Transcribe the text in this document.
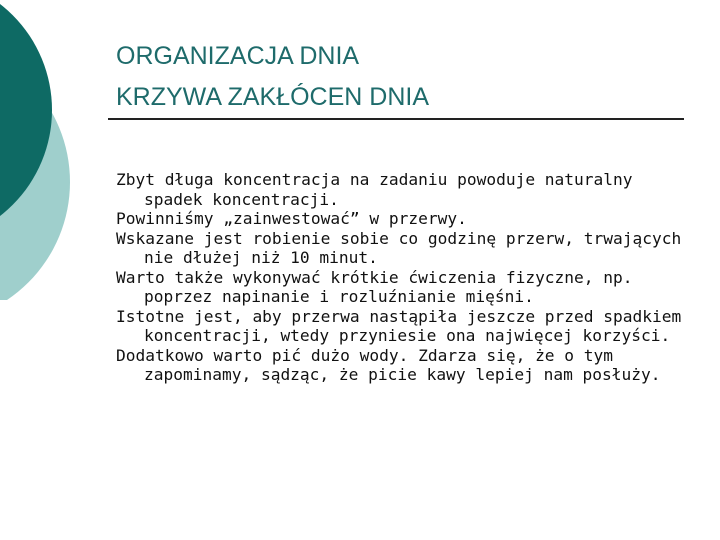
ORGANIZACJA DNIA
KRZYWA ZAKŁÓCEN DNIA
Zbyt długa koncentracja na zadaniu powoduje naturalny spadek koncentracji.
Powinniśmy „zainwestować” w przerwy.
Wskazane jest robienie sobie co godzinę przerw, trwających nie dłużej niż 10 minut.
Warto także wykonywać krótkie ćwiczenia fizyczne, np. poprzez napinanie i rozluźnianie mięśni.
Istotne jest, aby przerwa nastąpiła jeszcze przed spadkiem koncentracji, wtedy przyniesie ona najwięcej korzyści.
Dodatkowo warto pić dużo wody. Zdarza się, że o tym zapominamy, sądząc, że picie kawy lepiej nam posłuży.
